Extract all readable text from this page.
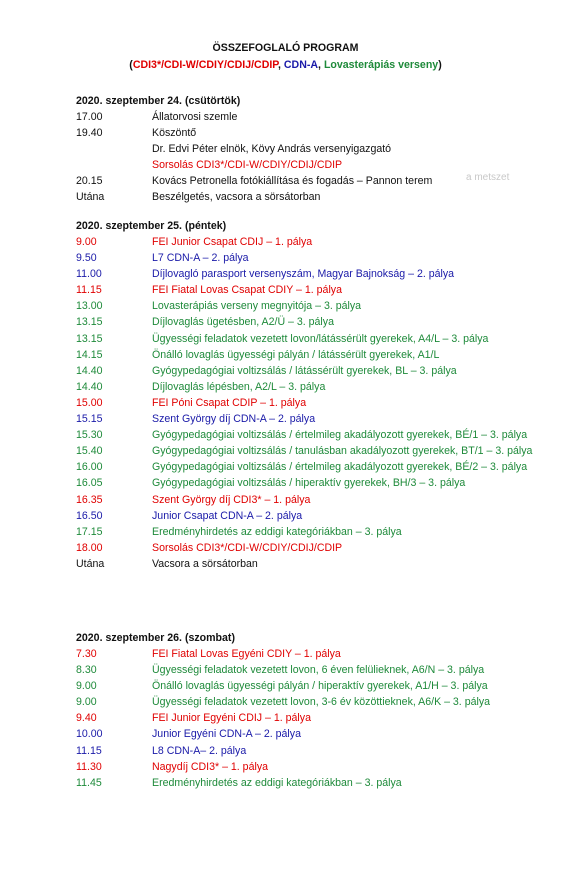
ÖSSZEFOGLALÓ PROGRAM
(CDI3*/CDI-W/CDIY/CDIJ/CDIP, CDN-A, Lovasterápiás verseny)
2020. szeptember 24. (csütörtök)
17.00	Állatorvosi szemle
19.40	Köszöntő
Dr. Edvi Péter elnök, Kövy András versenyigazgató
Sorsolás CDI3*/CDI-W/CDIY/CDIJ/CDIP
20.15	Kovács Petronella fotókiállítása és fogadás – Pannon terem
Utána	Beszélgetés, vacsora a sörsátorban
a metszet
2020. szeptember 25. (péntek)
9.00	FEI Junior Csapat CDIJ – 1. pálya
9.50	L7 CDN-A – 2. pálya
11.00	Díjlovagló parasport versenyszám, Magyar Bajnokság – 2. pálya
11.15	FEI Fiatal Lovas Csapat CDIY – 1. pálya
13.00	Lovasterápiás verseny megnyitója – 3. pálya
13.15	Díjlovaglás ügetésben, A2/Ü – 3. pálya
13.15	Ügyességi feladatok vezetett lovon/látássérült gyerekek, A4/L – 3. pálya
14.15	Önálló lovaglás ügyességi pályán / látássérült gyerekek, A1/L
14.40	Gyógypedagógiai voltizsálás / látássérült gyerekek, BL – 3. pálya
14.40	Díjlovaglás lépésben, A2/L – 3. pálya
15.00	FEI Póni Csapat CDIP – 1. pálya
15.15	Szent György díj CDN-A – 2. pálya
15.30	Gyógypedagógiai voltizsálás / értelmileg akadályozott gyerekek, BÉ/1 – 3. pálya
15.40	Gyógypedagógiai voltizsálás / tanulásban akadályozott gyerekek, BT/1 – 3. pálya
16.00	Gyógypedagógiai voltizsálás / értelmileg akadályozott gyerekek, BÉ/2 – 3. pálya
16.05	Gyógypedagógiai voltizsálás / hiperaktív gyerekek, BH/3 – 3. pálya
16.35	Szent György díj CDI3* – 1. pálya
16.50	Junior Csapat CDN-A – 2. pálya
17.15	Eredményhirdetés az eddigi kategóriákban – 3. pálya
18.00	Sorsolás CDI3*/CDI-W/CDIY/CDIJ/CDIP
Utána	Vacsora a sörsátorban
2020. szeptember 26. (szombat)
7.30	FEI Fiatal Lovas Egyéni CDIY – 1. pálya
8.30	Ügyességi feladatok vezetett lovon, 6 éven felülieknek, A6/N – 3. pálya
9.00	Önálló lovaglás ügyességi pályán / hiperaktív gyerekek, A1/H – 3. pálya
9.00	Ügyességi feladatok vezetett lovon, 3-6 év közöttieknek, A6/K – 3. pálya
9.40	FEI Junior Egyéni CDIJ – 1. pálya
10.00	Junior Egyéni CDN-A – 2. pálya
11.15	L8 CDN-A– 2. pálya
11.30	Nagydíj CDI3* – 1. pálya
11.45	Eredményhirdetés az eddigi kategóriákban – 3. pálya
